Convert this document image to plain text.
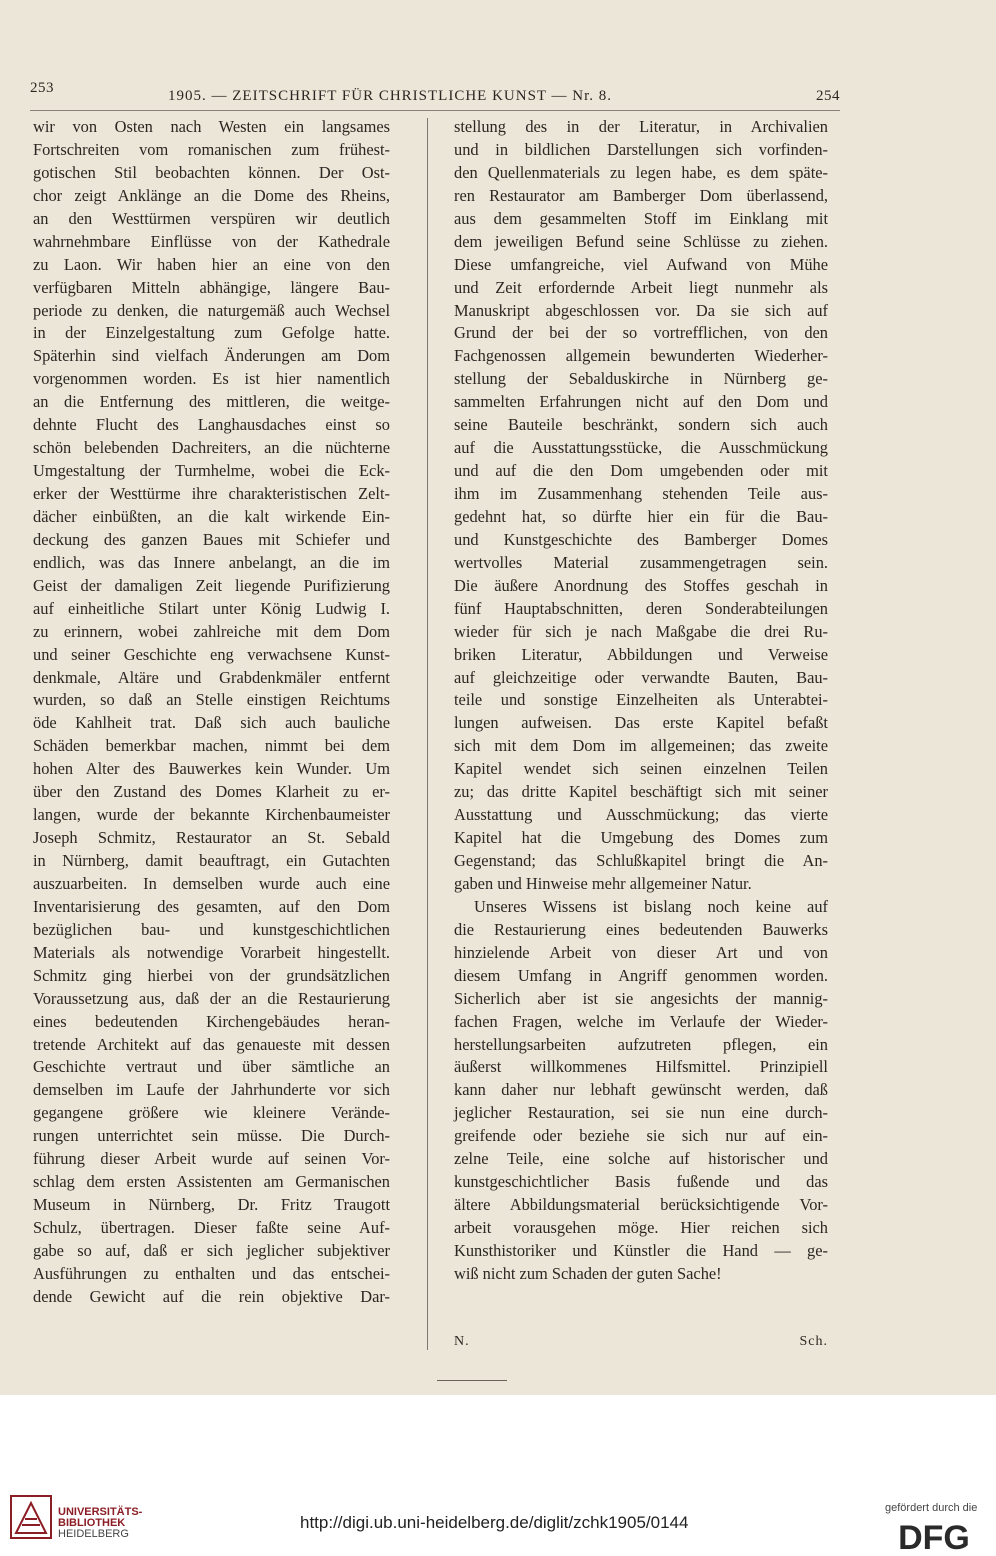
253	1905. — ZEITSCHRIFT FÜR CHRISTLICHE KUNST — Nr. 8.	254
wir von Osten nach Westen ein langsames
Fortschreiten vom romanischen zum frühest-
gotischen Stil beobachten können. Der Ost-
chor zeigt Anklänge an die Dome des Rheins,
an den Westtürmen verspüren wir deutlich
wahrnehmbare Einflüsse von der Kathedrale
zu Laon. Wir haben hier an eine von den
verfügbaren Mitteln abhängige, längere Bau-
periode zu denken, die naturgemäß auch Wechsel
in der Einzelgestaltung zum Gefolge hatte.
Späterhin sind vielfach Änderungen am Dom
vorgenommen worden. Es ist hier namentlich
an die Entfernung des mittleren, die weitge-
dehnte Flucht des Langhausdaches einst so
schön belebenden Dachreiters, an die nüchterne
Umgestaltung der Turmhelme, wobei die Eck-
erker der Westtürme ihre charakteristischen Zelt-
dächer einbüßten, an die kalt wirkende Ein-
deckung des ganzen Baues mit Schiefer und
endlich, was das Innere anbelangt, an die im
Geist der damaligen Zeit liegende Purifizierung
auf einheitliche Stilart unter König Ludwig I.
zu erinnern, wobei zahlreiche mit dem Dom
und seiner Geschichte eng verwachsene Kunst-
denkmale, Altäre und Grabdenkmäler entfernt
wurden, so daß an Stelle einstigen Reichtums
öde Kahlheit trat. Daß sich auch bauliche
Schäden bemerkbar machen, nimmt bei dem
hohen Alter des Bauwerkes kein Wunder. Um
über den Zustand des Domes Klarheit zu er-
langen, wurde der bekannte Kirchenbaumeister
Joseph Schmitz, Restaurator an St. Sebald
in Nürnberg, damit beauftragt, ein Gutachten
auszuarbeiten. In demselben wurde auch eine
Inventarisierung des gesamten, auf den Dom
bezüglichen bau- und kunstgeschichtlichen
Materials als notwendige Vorarbeit hingestellt.
Schmitz ging hierbei von der grundsätzlichen
Voraussetzung aus, daß der an die Restaurierung
eines bedeutenden Kirchengebäudes heran-
tretende Architekt auf das genaueste mit dessen
Geschichte vertraut und über sämtliche an
demselben im Laufe der Jahrhunderte vor sich
gegangene größere wie kleinere Verände-
rungen unterrichtet sein müsse. Die Durch-
führung dieser Arbeit wurde auf seinen Vor-
schlag dem ersten Assistenten am Germanischen
Museum in Nürnberg, Dr. Fritz Traugott
Schulz, übertragen. Dieser faßte seine Auf-
gabe so auf, daß er sich jeglicher subjektiver
Ausführungen zu enthalten und das entschei-
dende Gewicht auf die rein objektive Dar-
stellung des in der Literatur, in Archivalien
und in bildlichen Darstellungen sich vorfinden-
den Quellenmaterials zu legen habe, es dem späte-
ren Restaurator am Bamberger Dom überlassend,
aus dem gesammelten Stoff im Einklang mit
dem jeweiligen Befund seine Schlüsse zu ziehen.
Diese umfangreiche, viel Aufwand von Mühe
und Zeit erfordernde Arbeit liegt nunmehr als
Manuskript abgeschlossen vor. Da sie sich auf
Grund der bei der so vortrefflichen, von den
Fachgenossen allgemein bewunderten Wiederher-
stellung der Sebalduskirche in Nürnberg ge-
sammelten Erfahrungen nicht auf den Dom und
seine Bauteile beschränkt, sondern sich auch
auf die Ausstattungsstücke, die Ausschmückung
und auf die den Dom umgebenden oder mit
ihm im Zusammenhang stehenden Teile aus-
gedehnt hat, so dürfte hier ein für die Bau-
und Kunstgeschichte des Bamberger Domes
wertvolles Material zusammengetragen sein.
Die äußere Anordnung des Stoffes geschah in
fünf Hauptabschnitten, deren Sonderabteilungen
wieder für sich je nach Maßgabe die drei Ru-
briken Literatur, Abbildungen und Verweise
auf gleichzeitige oder verwandte Bauten, Bau-
teile und sonstige Einzelheiten als Unterabtei-
lungen aufweisen. Das erste Kapitel befaßt
sich mit dem Dom im allgemeinen; das zweite
Kapitel wendet sich seinen einzelnen Teilen
zu; das dritte Kapitel beschäftigt sich mit seiner
Ausstattung und Ausschmückung; das vierte
Kapitel hat die Umgebung des Domes zum
Gegenstand; das Schlußkapitel bringt die An-
gaben und Hinweise mehr allgemeiner Natur.
Unseres Wissens ist bislang noch keine auf
die Restaurierung eines bedeutenden Bauwerks
hinzielende Arbeit von dieser Art und von
diesem Umfang in Angriff genommen worden.
Sicherlich aber ist sie angesichts der mannig-
fachen Fragen, welche im Verlaufe der Wieder-
herstellungsarbeiten aufzutreten pflegen, ein
äußerst willkommenes Hilfsmittel. Prinzipiell
kann daher nur lebhaft gewünscht werden, daß
jeglicher Restauration, sei sie nun eine durch-
greifende oder beziehe sie sich nur auf ein-
zelne Teile, eine solche auf historischer und
kunstgeschichtlicher Basis fußende und das
ältere Abbildungsmaterial berücksichtigende Vor-
arbeit vorausgehen möge. Hier reichen sich
Kunsthistoriker und Künstler die Hand — ge-
wiß nicht zum Schaden der guten Sache!
N.	Sch.
UNIVERSITÄTS-
BIBLIOTHEK
HEIDELBERG
http://digi.ub.uni-heidelberg.de/diglit/zchk1905/0144
gefördert durch die
DFG
